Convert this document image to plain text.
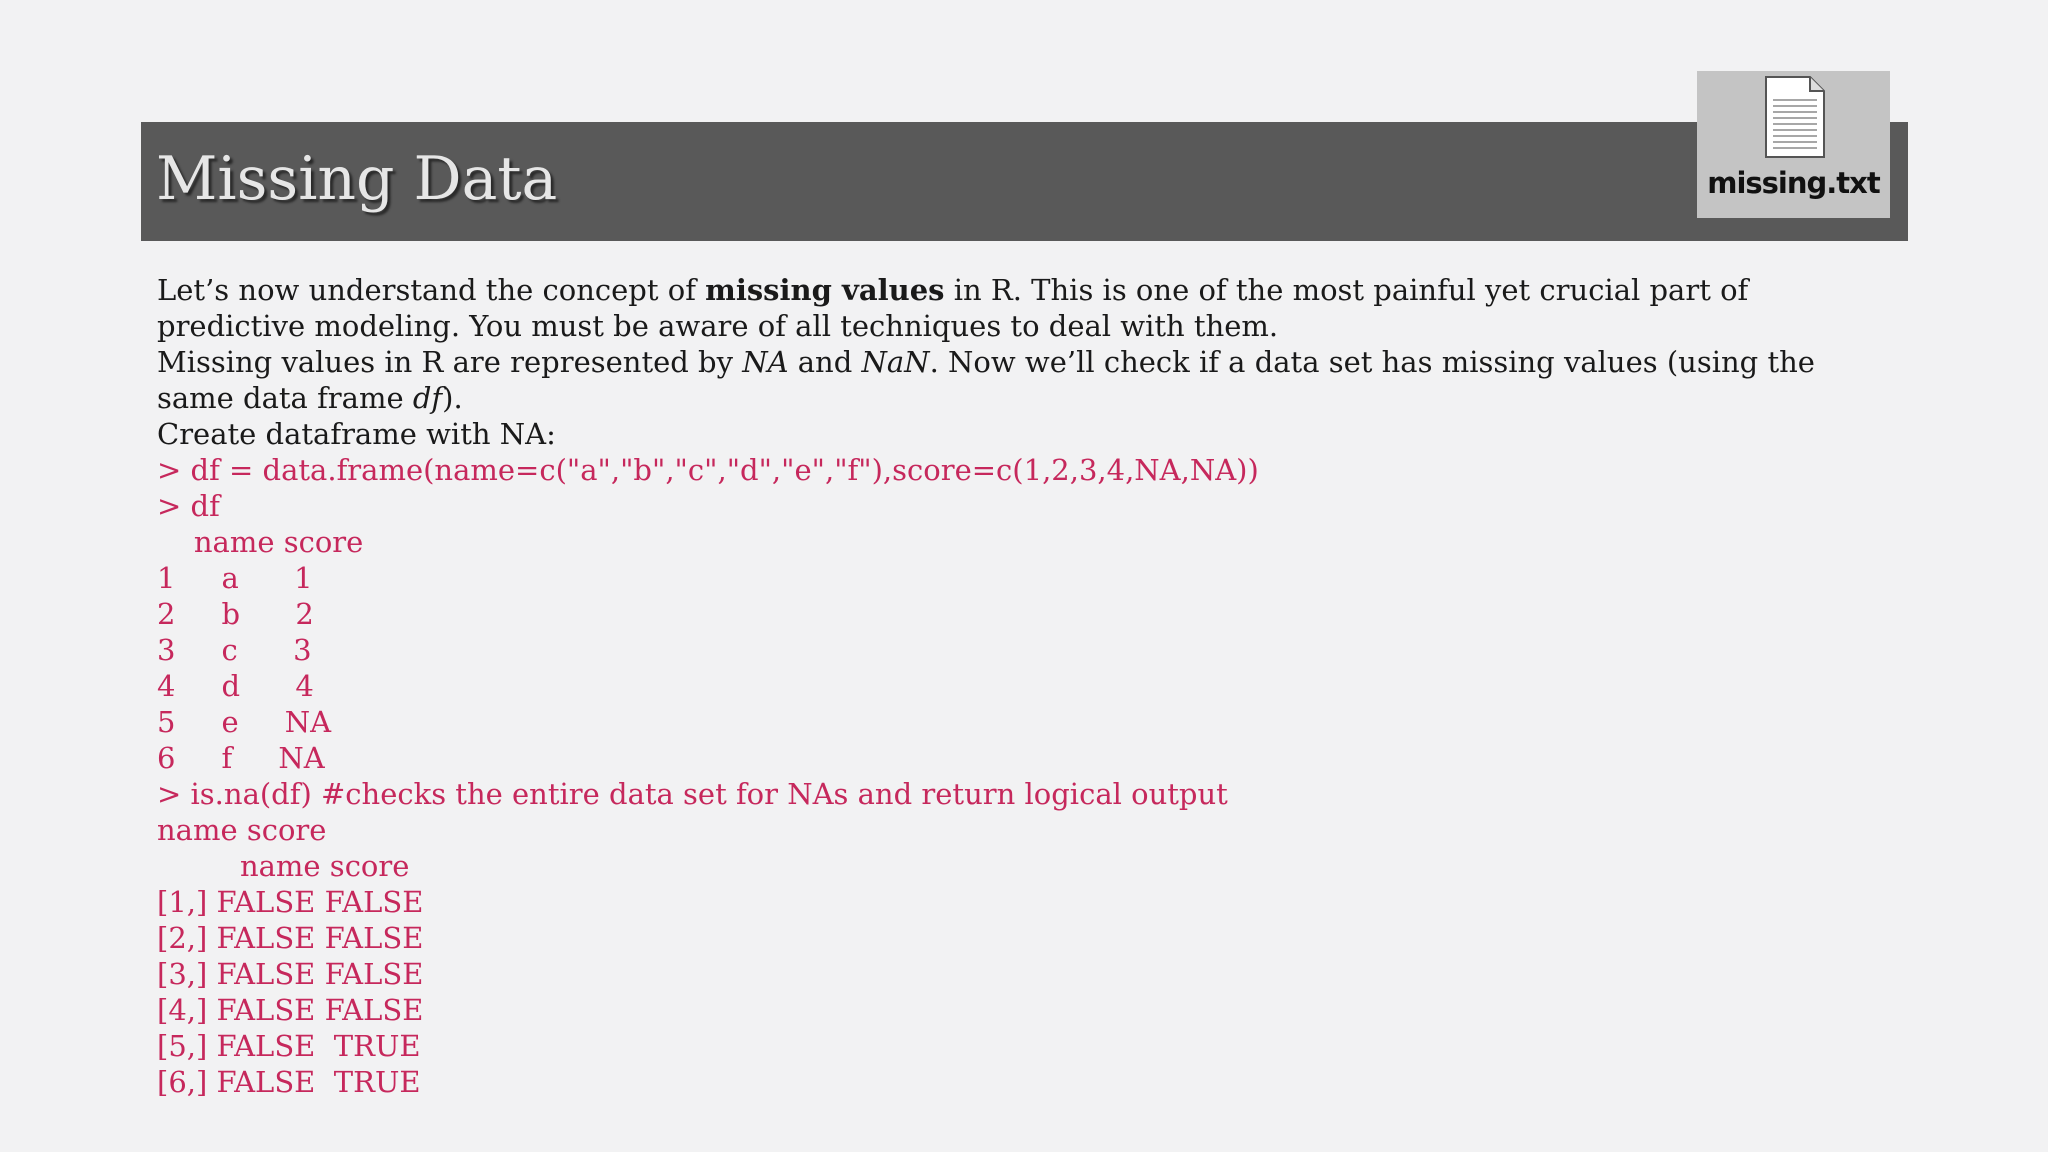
Missing Data	missing.txt

Let’s now understand the concept of missing values in R. This is one of the most painful yet crucial part of predictive modeling. You must be aware of all techniques to deal with them.

Missing values in R are represented by NA and NaN. Now we’ll check if a data set has missing values (using the same data frame df).

Create dataframe with NA:

> df = data.frame(name=c("a","b","c","d","e","f"),score=c(1,2,3,4,NA,NA))
> df
name score
1     a      1
2     b      2
3     c      3
4     d      4
5     e     NA
6     f     NA
> is.na(df) #checks the entire data set for NAs and return logical output
name score
name score
[1,] FALSE FALSE
[2,] FALSE FALSE
[3,] FALSE FALSE
[4,] FALSE FALSE
[5,] FALSE  TRUE
[6,] FALSE  TRUE
